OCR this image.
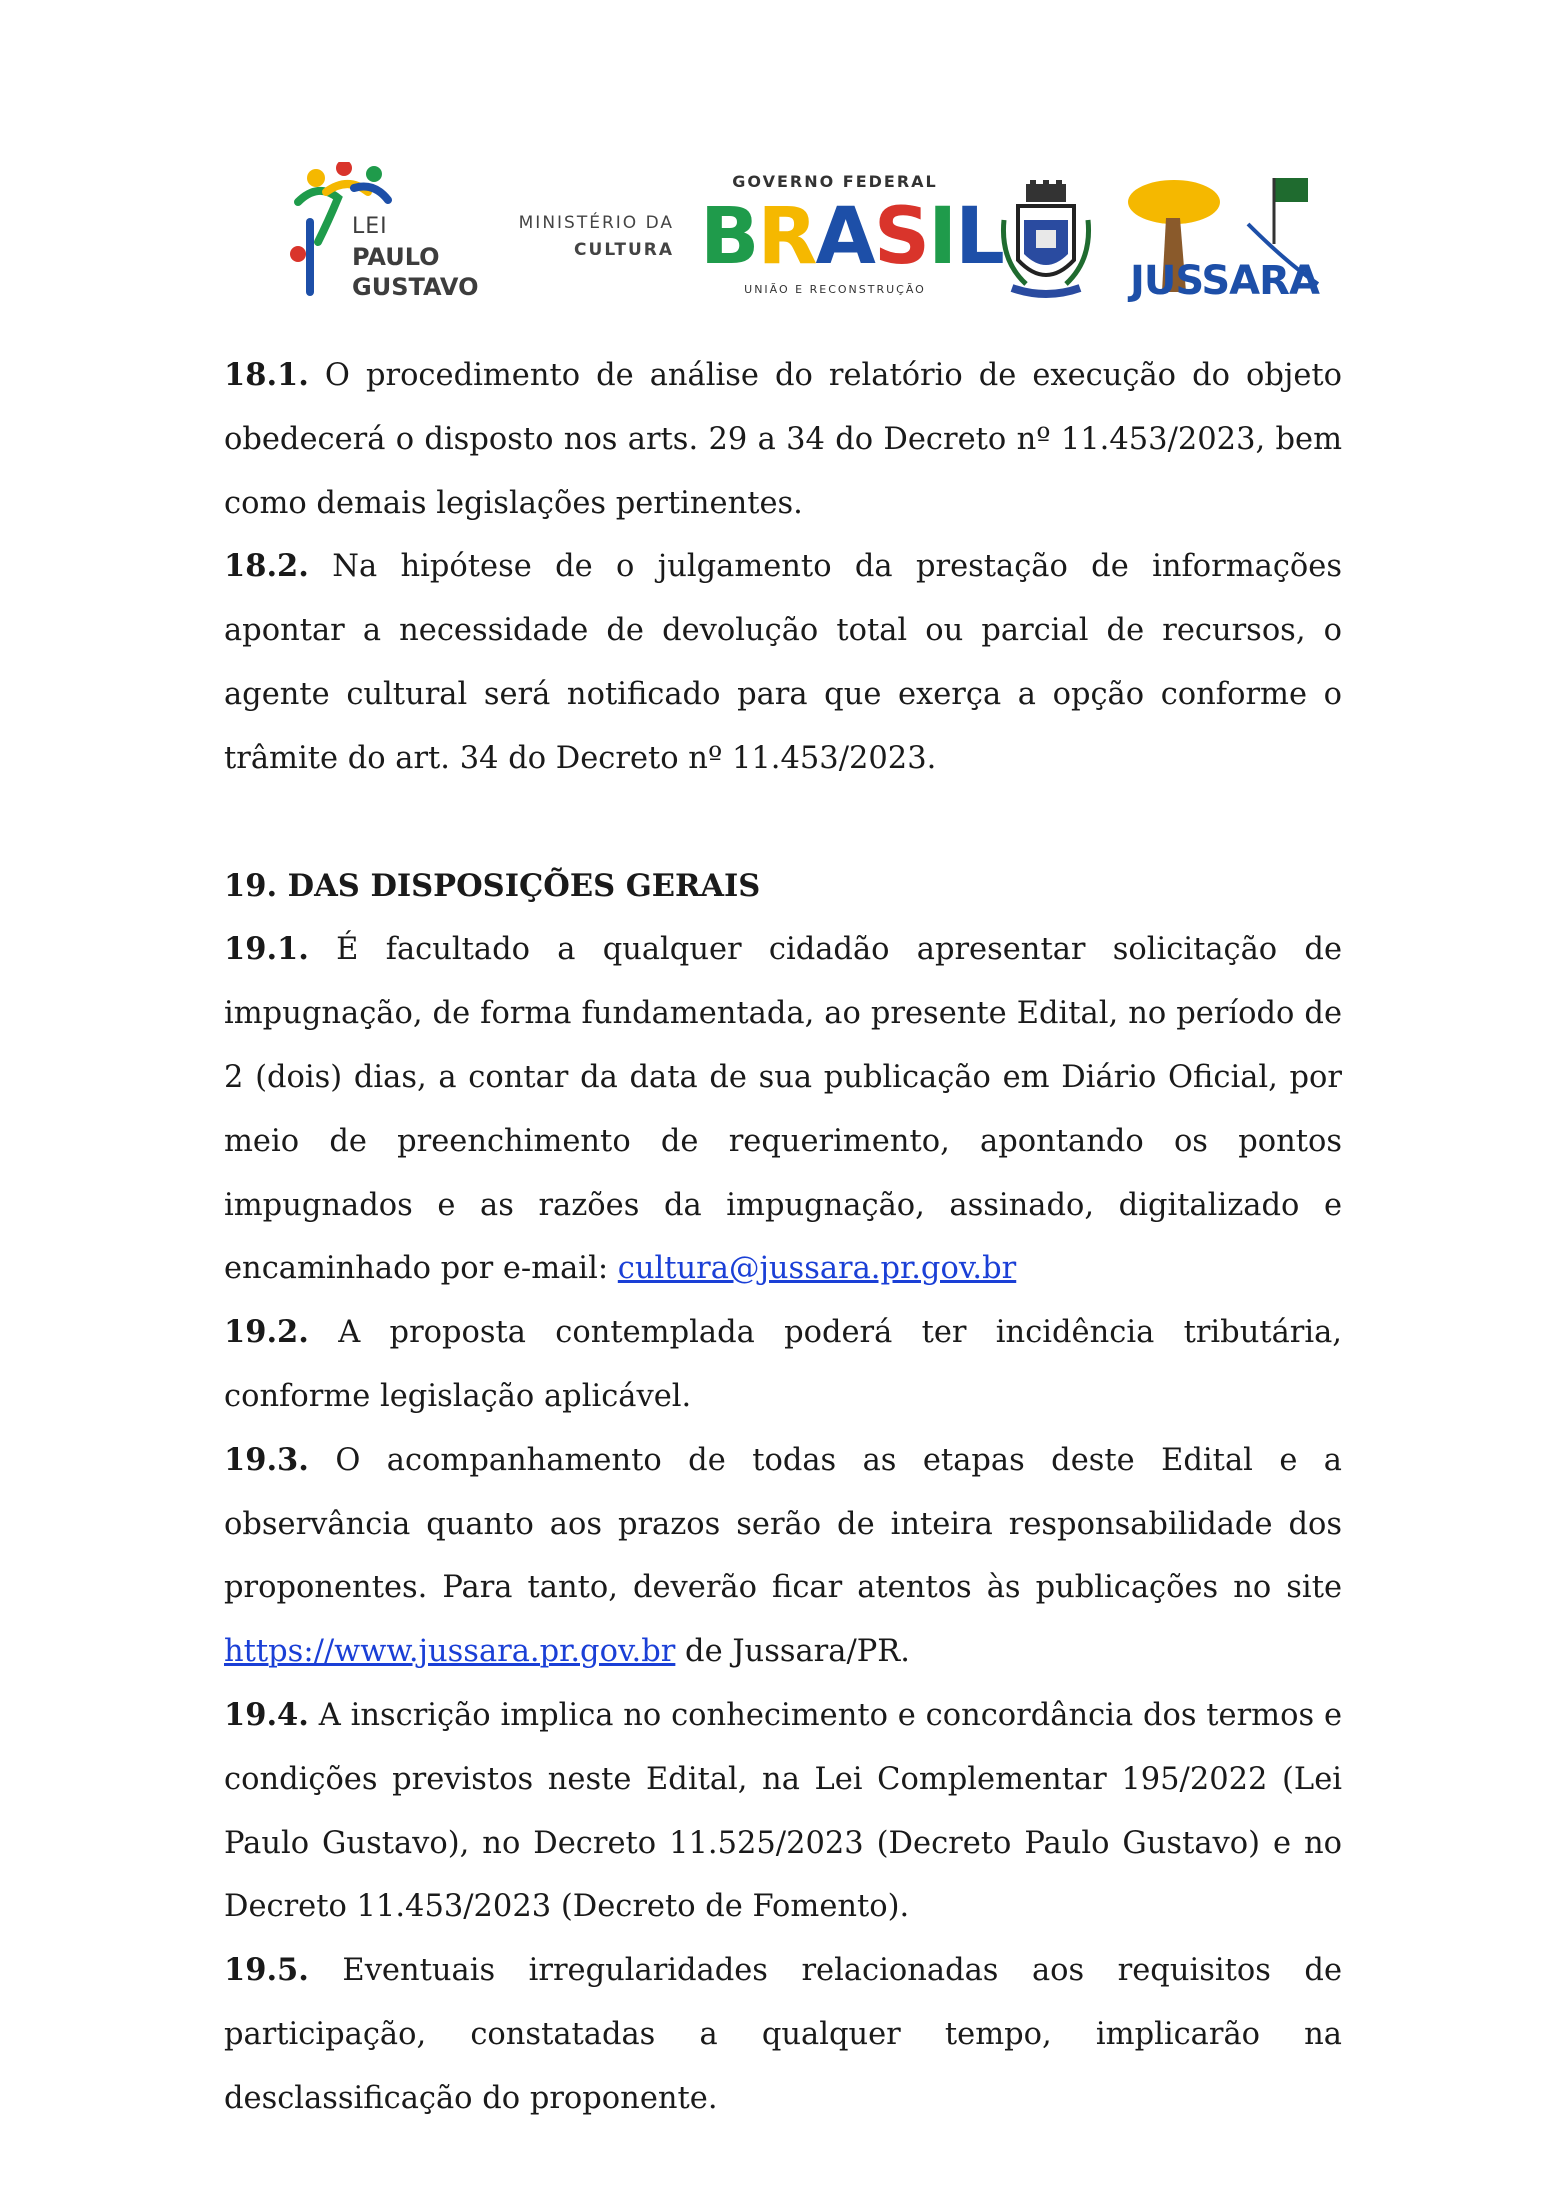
LEI
PAULO
GUSTAVO
MINISTÉRIO DA
CULTURA
GOVERNO FEDERAL
BRASIL
UNIÃO E RECONSTRUÇÃO	JUSSARA

18.1. O procedimento de análise do relatório de execução do objeto obedecerá o disposto nos arts. 29 a 34 do Decreto nº 11.453/2023, bem como demais legislações pertinentes.

18.2. Na hipótese de o julgamento da prestação de informações apontar a necessidade de devolução total ou parcial de recursos, o agente cultural será notificado para que exerça a opção conforme o trâmite do art. 34 do Decreto nº 11.453/2023.

19. DAS DISPOSIÇÕES GERAIS

19.1. É facultado a qualquer cidadão apresentar solicitação de impugnação, de forma fundamentada, ao presente Edital, no período de 2 (dois) dias, a contar da data de sua publicação em Diário Oficial, por meio de preenchimento de requerimento, apontando os pontos impugnados e as razões da impugnação, assinado, digitalizado e encaminhado por e-mail: cultura@jussara.pr.gov.br

19.2. A proposta contemplada poderá ter incidência tributária, conforme legislação aplicável.

19.3. O acompanhamento de todas as etapas deste Edital e a observância quanto aos prazos serão de inteira responsabilidade dos proponentes. Para tanto, deverão ficar atentos às publicações no site https://www.jussara.pr.gov.br de Jussara/PR.

19.4. A inscrição implica no conhecimento e concordância dos termos e condições previstos neste Edital, na Lei Complementar 195/2022 (Lei Paulo Gustavo), no Decreto 11.525/2023 (Decreto Paulo Gustavo) e no Decreto 11.453/2023 (Decreto de Fomento).

19.5. Eventuais irregularidades relacionadas aos requisitos de participação, constatadas a qualquer tempo, implicarão na desclassificação do proponente.
